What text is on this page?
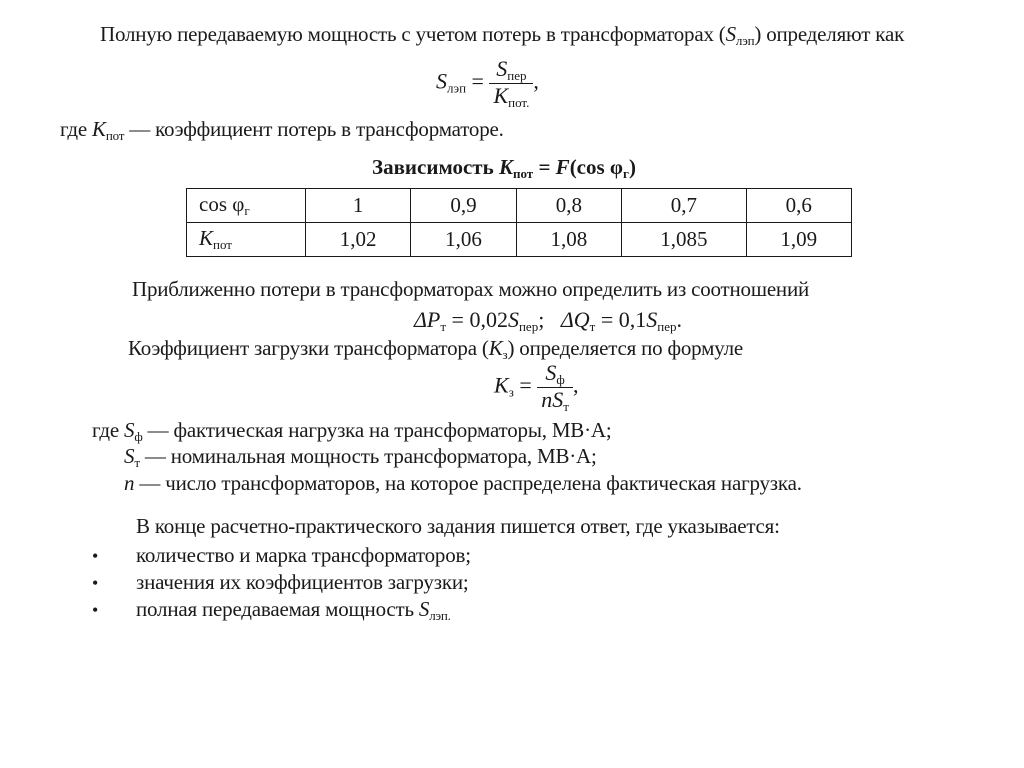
Полную передаваемую мощность с учетом потерь в трансформаторах $(S_{лэп})$ определяют как
$S_{лэп} = \frac{S_{пер}}{K_{пот.}}$ ,
где $K_{пот}$ — коэффициент потерь в трансформаторе.
Зависимость $K_{пот} = F(\cos$ $\varphi_г$)
$\cos \varphi_г$	1	0,9	0,8	0,7	0,6
$K_{пот}$	1,02	1,06	1,08	1,085	1,09
Приближенно потери в трансформаторах можно определить из соотношений
$\Delta P_т = 0,02S_{пер}$;   $\Delta Q_т = 0,1S_{пер}$.
Коэффициент загрузки трансформатора $(K_з)$ определяется по формуле
$K_з = \frac{S_ф}{nS_т}$ ,
где $S_ф$ — фактическая нагрузка на трансформаторы, МВ·А;
$S_т$ — номинальная мощность трансформатора, МВ·А;
n — число трансформаторов, на которое распределена фактическая нагрузка.
В конце расчетно-практического задания пишется ответ, где указывается:
• количество и марка трансформаторов;
• значения их коэффициентов загрузки;
• полная передаваемая мощность $S_{лэп.}$
